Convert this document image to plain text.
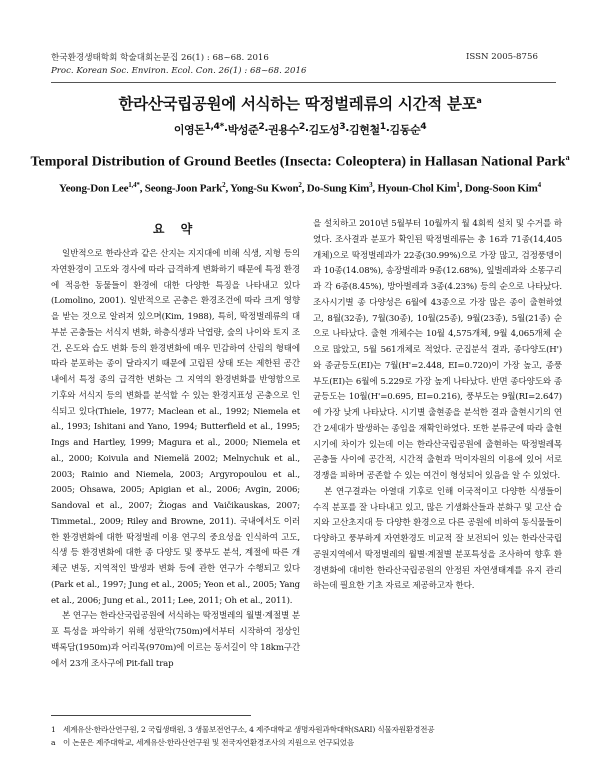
한국환경생태학회 학술대회논문집 26(1) : 68~68. 2016
Proc. Korean Soc. Environ. Ecol. Con. 26(1) : 68~68. 2016
ISSN 2005-8756
한라산국립공원에 서식하는 딱정벌레류의 시간적 분포$^a$
이영돈$^{1,4*}$·박성준$^2$·권용수$^2$·김도성$^3$·김현철$^1$·김동순$^4$
Temporal Distribution of Ground Beetles (Insecta: Coleoptera) in Hallasan National Park$^a$
Yeong-Don Lee$^{1,4*}$, Seong-Joon Park$^2$, Yong-Su Kwon$^2$, Do-Sung Kim$^3$, Hyoun-Chol Kim$^1$, Dong-Soon Kim$^4$
요 약

일반적으로 한라산과 같은 산지는 지지대에 비해 식생, 지형 등의 자연환경이 고도와 경사에 따라 급격하게 변화하기 때문에 특정 환경에 적응한 동물들이 환경에 대한 다양한 특징을 나타내고 있다(Lomolino, 2001). 일반적으로 곤충은 환경조건에 따라 크게 영향을 받는 것으로 알려져 있으며(Kim, 1988), 특히, 딱정벌레류의 대부분 곤충들는 서식지 변화, 하층식생과 낙엽량, 숲의 나이와 토지 조건, 온도와 습도 변화 등의 환경변화에 매우 민감하여 산림의 형태에 따라 분포하는 종이 달라지기 때문에 고립된 상태 또는 제한된 공간 내에서 특정 종의 급격한 변화는 그 지역의 환경변화를 반영함으로 기후와 서식지 등의 변화를 분석할 수 있는 환경지표성 곤충으로 인식되고 있다(Thiele, 1977; Maclean et al., 1992; Niemela et al., 1993; Ishitani and Yano, 1994; Butterfield et al., 1995; Ings and Hartley, 1999; Magura et al., 2000; Niemela et al., 2000; Koivula and Niemelä 2002; Melnychuk et al., 2003; Rainio and Niemela, 2003; Argyropoulou et al., 2005; Ohsawa, 2005; Apigian et al., 2006; Avgin, 2006; Sandoval et al., 2007; Žiogas and Vaičikauskas, 2007; Timmetal., 2009; Riley and Browne, 2011). 국내에서도 이러한 환경변화에 대한 딱정벌레 이용 연구의 중요성을 인식하여 고도, 식생 등 환경변화에 대한 종 다양도 및 풍부도 분석, 계절에 따른 개체군 변동, 지역적인 발생과 변화 등에 관한 연구가 수행되고 있다(Park et al., 1997; Jung et al., 2005; Yeon et al., 2005; Yang et al., 2006; Jung et al., 2011; Lee, 2011; Oh et al., 2011).

본 연구는 한라산국립공원에 서식하는 딱정벌레의 월별·계절별 분포 특성을 파악하기 위해 성판악(750m)에서부터 시작하여 정상인 백록담(1950m)과 어리목(970m)에 이르는 동서길이 약 18km구간에서 23개 조사구에 Pit-fall trap

을 설치하고 2010년 5월부터 10월까지 월 4회씩 설치 및 수거를 하였다. 조사결과 분포가 확인된 딱정벌레류는 총 16과 71종(14,405개체)으로 딱정벌레과가 22종(30.99%)으로 가장 많고, 검정풍뎅이과 10종(14.08%), 송장벌레과 9종(12.68%), 잎벌레과와 소똥구리과 각 6종(8.45%), 방아벌레과 3종(4.23%) 등의 순으로 나타났다. 조사시기별 종 다양성은 6월에 43종으로 가장 많은 종이 출현하였고, 8월(32종), 7월(30종), 10월(25종), 9월(23종), 5월(21종) 순으로 나타났다. 출현 개체수는 10월 4,575개체, 9월 4,065개체 순으로 많았고, 5월 561개체로 적었다. 군집분석 결과, 종다양도(H')와 종균등도(EI)는 7월(H'=2.448, EI=0.720)이 가장 높고, 종풍부도(EI)는 6월에 5.229로 가장 높게 나타났다. 반면 종다양도와 종균등도는 10월(H'=0.695, EI=0.216), 풍부도는 9월(RI=2.647)에 가장 낮게 나타났다. 시기별 출현종을 분석한 결과 출현시기의 연간 2세대가 발생하는 종임을 재확인하였다. 또한 분류군에 따라 출현시기에 차이가 있는데 이는 한라산국립공원에 출현하는 딱정벌레목 곤충들 사이에 공간적, 시간적 출현과 먹이자원의 이용에 있어 서로 경쟁을 피하며 공존할 수 있는 여건이 형성되어 있음을 알 수 있었다.

본 연구결과는 아열대 기후로 인해 이국적이고 다양한 식생들이 수직 분포를 잘 나타내고 있고, 많은 기생화산들과 분화구 및 고산 습지와 고산초지대 등 다양한 환경으로 다른 공원에 비하여 동식물들이 다양하고 풍부하게 자연환경도 비교적 잘 보전되어 있는 한라산국립공원지역에서 딱정벌레의 월별·계절별 분포특성을 조사하여 향후 환경변화에 대비한 한라산국립공원의 안정된 자연생태계를 유지 관리하는데 필요한 기초 자료로 제공하고자 한다.

1 세계유산·한라산연구원, 2 국립생태원, 3 생물보전연구소, 4 제주대학교 생명자원과학대학(SARI) 식물자원환경전공
a 이 논문은 제주대학교, 세계유산·한라산연구원 및 전국자연환경조사의 지원으로 연구되었음
